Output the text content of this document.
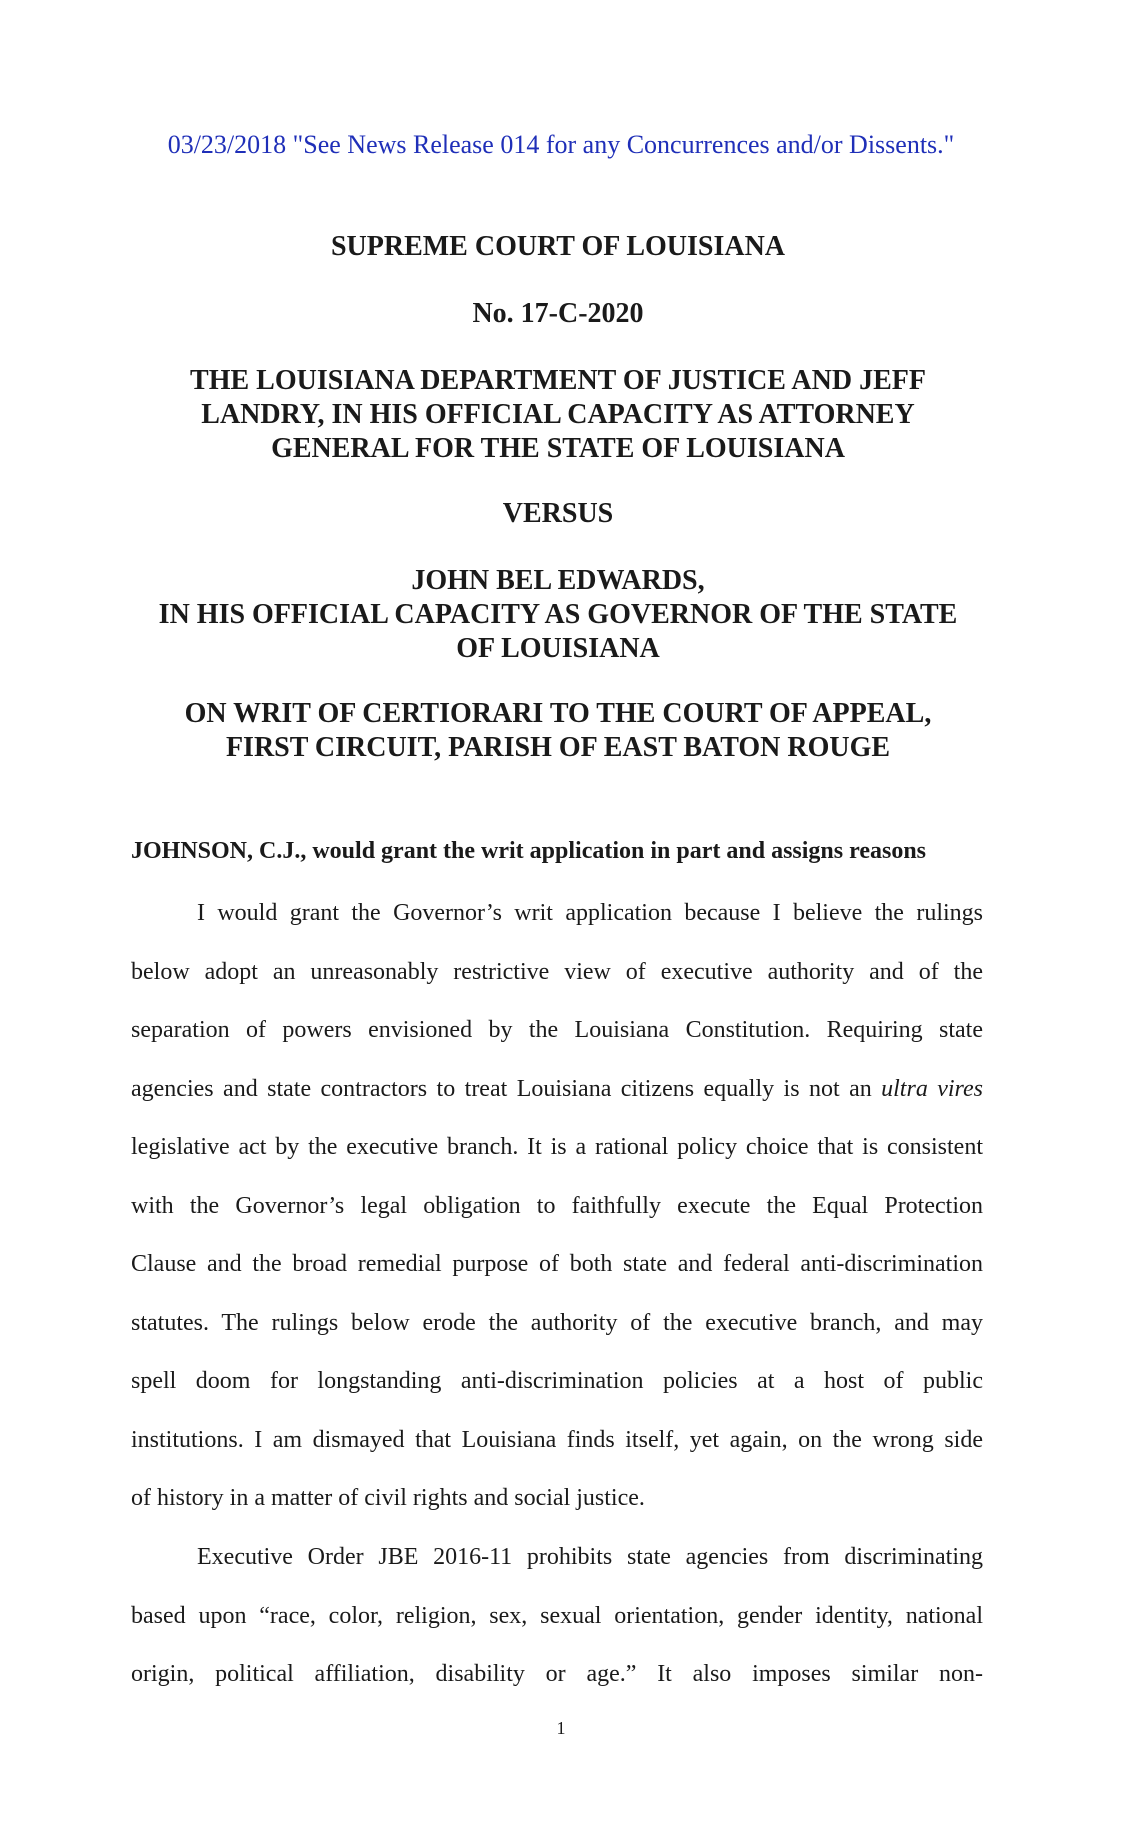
03/23/2018 "See News Release 014 for any Concurrences and/or Dissents."
SUPREME COURT OF LOUISIANA
No. 17-C-2020
THE LOUISIANA DEPARTMENT OF JUSTICE AND JEFF
LANDRY, IN HIS OFFICIAL CAPACITY AS ATTORNEY
GENERAL FOR THE STATE OF LOUISIANA
VERSUS
JOHN BEL EDWARDS,
IN HIS OFFICIAL CAPACITY AS GOVERNOR OF THE STATE
OF LOUISIANA
ON WRIT OF CERTIORARI TO THE COURT OF APPEAL,
FIRST CIRCUIT, PARISH OF EAST BATON ROUGE
JOHNSON, C.J., would grant the writ application in part and assigns reasons
I would grant the Governor’s writ application because I believe the rulings
below adopt an unreasonably restrictive view of executive authority and of the
separation of powers envisioned by the Louisiana Constitution. Requiring state
agencies and state contractors to treat Louisiana citizens equally is not an ultra vires
legislative act by the executive branch. It is a rational policy choice that is consistent
with the Governor’s legal obligation to faithfully execute the Equal Protection
Clause and the broad remedial purpose of both state and federal anti-discrimination
statutes. The rulings below erode the authority of the executive branch, and may
spell doom for longstanding anti-discrimination policies at a host of public
institutions. I am dismayed that Louisiana finds itself, yet again, on the wrong side
of history in a matter of civil rights and social justice.
Executive Order JBE 2016-11 prohibits state agencies from discriminating
based upon “race, color, religion, sex, sexual orientation, gender identity, national
origin, political affiliation, disability or age.” It also imposes similar non-
1
